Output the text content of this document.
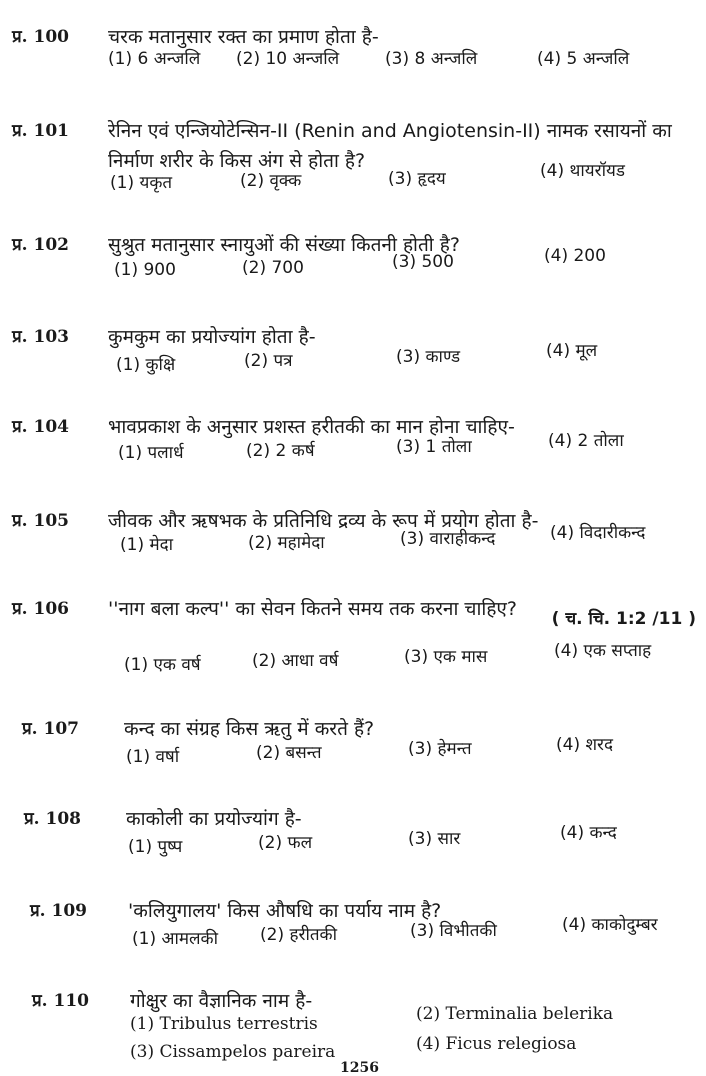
प्र. 100 चरक मतानुसार रक्त का प्रमाण होता है-
(1) 6 अन्जलि (2) 10 अन्जलि	(3) 8 अन्जलि	(4) 5 अन्जलि
प्र. 101 रेनिन एवं एन्जियोटेन्सिन-II (Renin and Angiotensin-II) नामक रसायनों का निर्माण शरीर के किस अंग से होता है?
(1) यकृत	(2) वृक्क	(3) हृदय	(4) थायरॉयड
प्र. 102 सुश्रुत मतानुसार स्नायुओं की संख्या कितनी होती है?
(1) 900	(2) 700	(3) 500	(4) 200
प्र. 103 कुमकुम का प्रयोज्यांग होता है-
(1) कुक्षि	(2) पत्र	(3) काण्ड	(4) मूल
प्र. 104 भावप्रकाश के अनुसार प्रशस्त हरीतकी का मान होना चाहिए-
(1) पलार्ध	(2) 2 कर्ष	(3) 1 तोला	(4) 2 तोला
प्र. 105 जीवक और ऋषभक के प्रतिनिधि द्रव्य के रूप में प्रयोग होता है-
(1) मेदा	(2) महामेदा	(3) वाराहीकन्द	(4) विदारीकन्द
प्र. 106 ''नाग बला कल्प'' का सेवन कितने समय तक करना चाहिए?	( च. चि. 1:2 /11 )
(1) एक वर्ष	(2) आधा वर्ष	(3) एक मास	(4) एक सप्ताह
प्र. 107 कन्द का संग्रह किस ऋतु में करते हैं?
(1) वर्षा	(2) बसन्त	(3) हेमन्त	(4) शरद
प्र. 108 काकोली का प्रयोज्यांग है-
(1) पुष्प	(2) फल	(3) सार	(4) कन्द
प्र. 109 'कलियुगालय' किस औषधि का पर्याय नाम है?
(1) आमलकी (2) हरीतकी	(3) विभीतकी	(4) काकोदुम्बर
प्र. 110 गोक्षुर का वैज्ञानिक नाम है-
(1) Tribulus terrestris	(2) Terminalia belerika
(3) Cissampelos pareira	(4) Ficus relegiosa
1256
